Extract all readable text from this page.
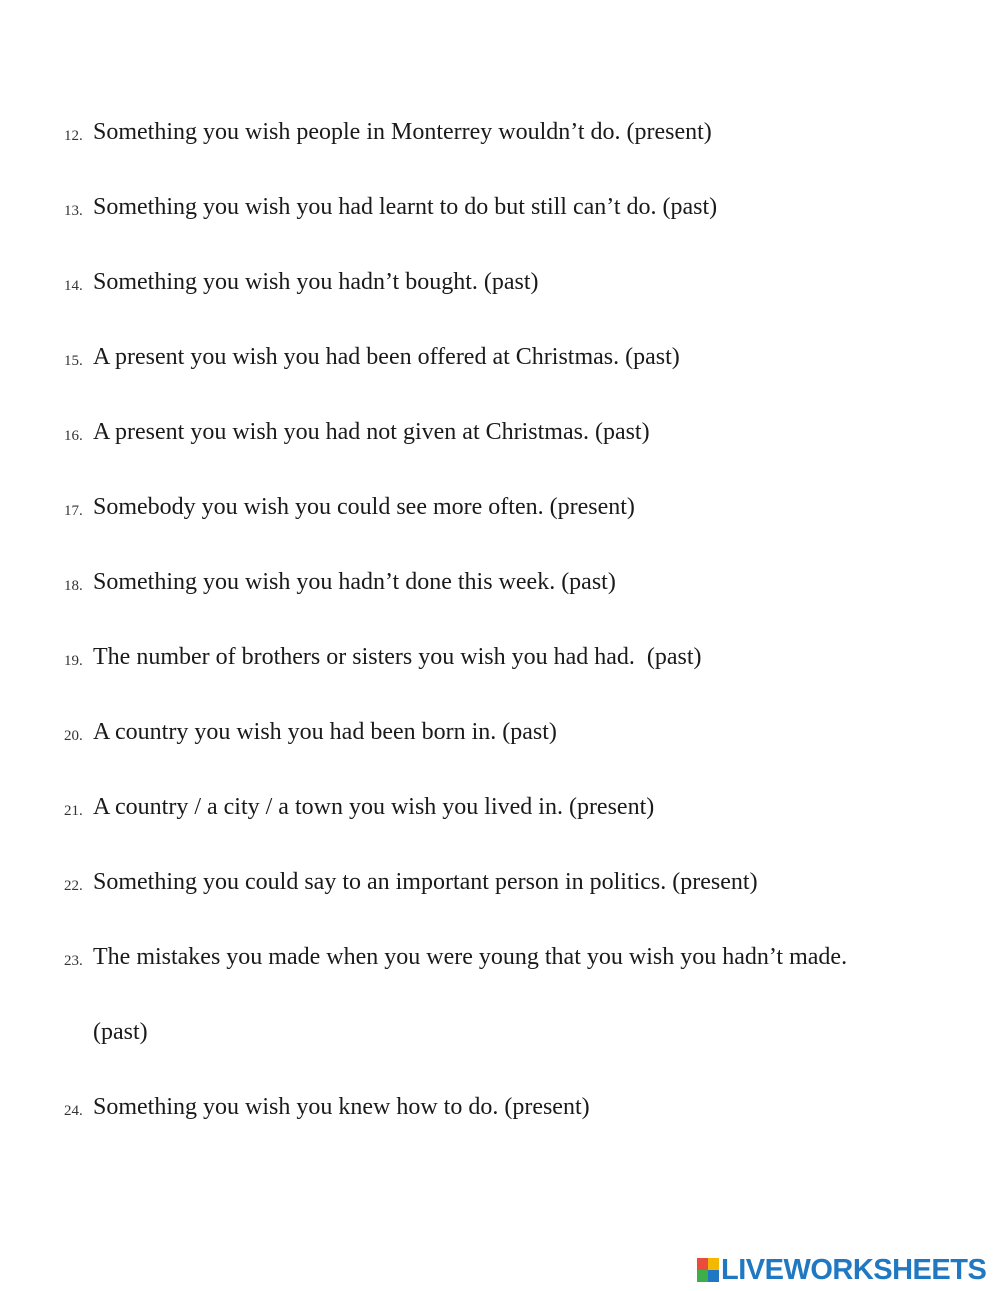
12. Something you wish people in Monterrey wouldn’t do. (present)
13. Something you wish you had learnt to do but still can’t do. (past)
14. Something you wish you hadn’t bought. (past)
15. A present you wish you had been offered at Christmas. (past)
16. A present you wish you had not given at Christmas. (past)
17. Somebody you wish you could see more often. (present)
18. Something you wish you hadn’t done this week. (past)
19. The number of brothers or sisters you wish you had had.  (past)
20. A country you wish you had been born in. (past)
21. A country / a city / a town you wish you lived in. (present)
22. Something you could say to an important person in politics. (present)
23. The mistakes you made when you were young that you wish you hadn’t made.
(past)
24. Something you wish you knew how to do. (present)
LIVEWORKSHEETS
